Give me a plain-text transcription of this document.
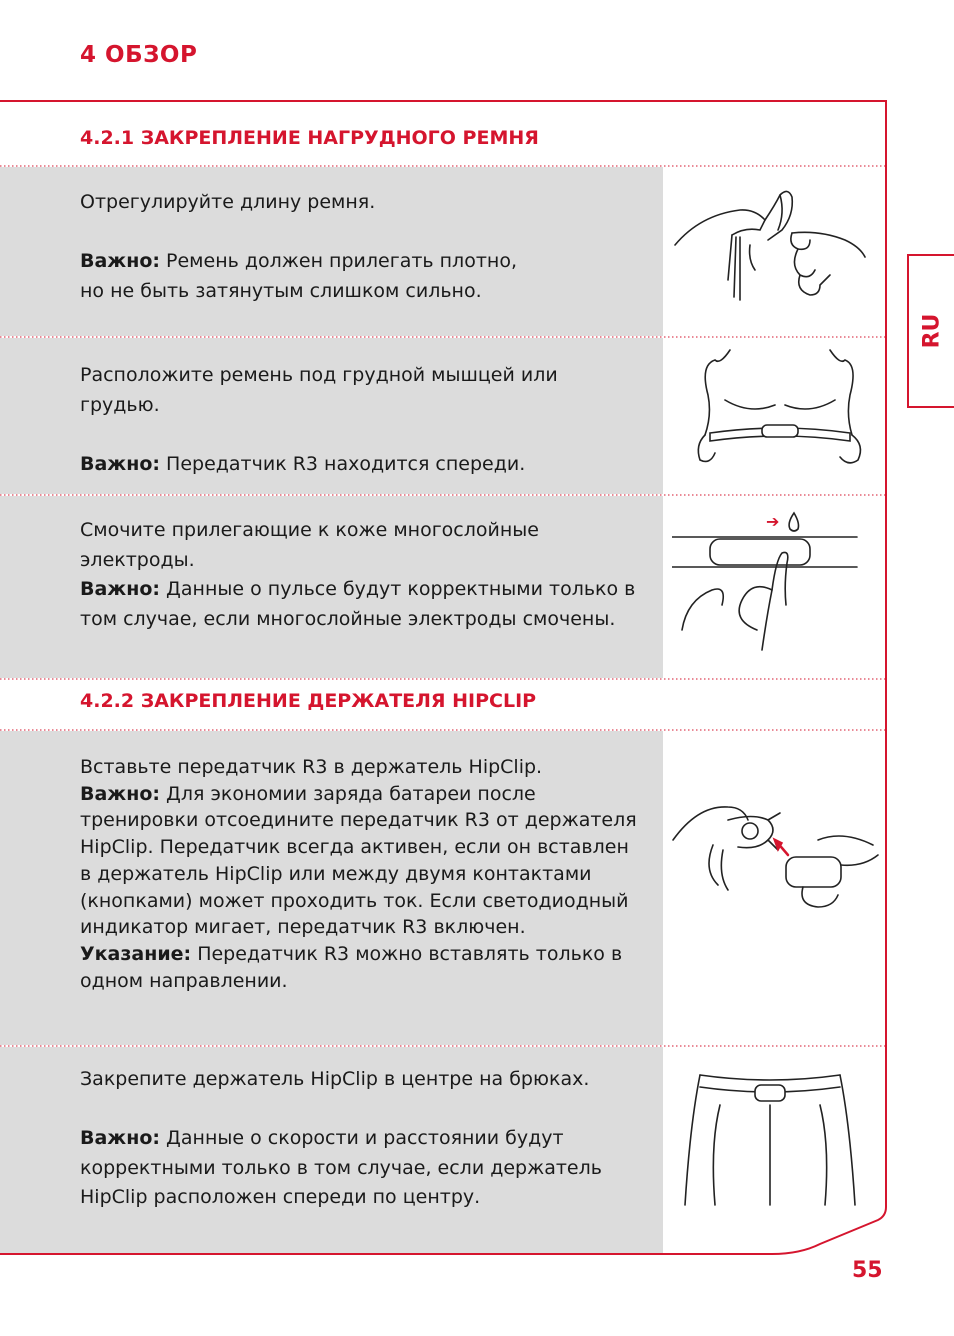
4 ОБЗОР
4.2.1 ЗАКРЕПЛЕНИЕ НАГРУДНОГО РЕМНЯ
4.2.2 ЗАКРЕПЛЕНИЕ ДЕРЖАТЕЛЯ HIPCLIP

Отрегулируйте длину ремня.

Важно: Ремень должен прилегать плотно,

но не быть затянутым слишком сильно.

Расположите ремень под грудной мышцей или грудью.

Важно: Передатчик R3 находится спереди.

Смочите прилегающие к коже многослойные электроды.

Важно: Данные о пульсе будут корректными только в том случае, если многослойные электроды смочены.

Вставьте передатчик R3 в держатель HipClip.

Важно: Для экономии заряда батареи после тренировки отсоедините передатчик R3 от держателя HipClip. Передатчик всегда активен, если он вставлен в держатель HipClip или между двумя контактами (кнопками) может проходить ток. Если светодиодный индикатор мигает, передатчик R3 включен.

Указание: Передатчик R3 можно вставлять только в одном направлении.

Закрепите держатель HipClip в центре на брюках.

Важно: Данные о скорости и расстоянии будут корректными только в том случае, если держатель HipClip расположен спереди по центру.

➔
RU
55
